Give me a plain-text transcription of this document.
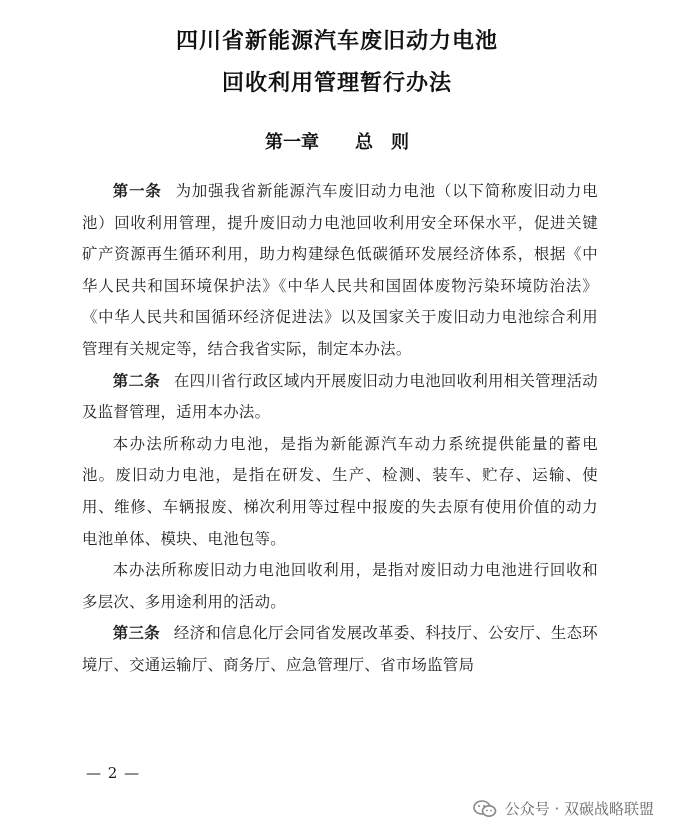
四川省新能源汽车废旧动力电池
回收利用管理暂行办法
第一章 总　则

第一条 为加强我省新能源汽车废旧动力电池（以下简称废旧动力电池）回收利用管理，提升废旧动力电池回收利用安全环保水平，促进关键矿产资源再生循环利用，助力构建绿色低碳循环发展经济体系，根据《中华人民共和国环境保护法》《中华人民共和国固体废物污染环境防治法》《中华人民共和国循环经济促进法》以及国家关于废旧动力电池综合利用管理有关规定等，结合我省实际，制定本办法。

第二条 在四川省行政区域内开展废旧动力电池回收利用相关管理活动及监督管理，适用本办法。

本办法所称动力电池，是指为新能源汽车动力系统提供能量的蓄电池。废旧动力电池，是指在研发、生产、检测、装车、贮存、运输、使用、维修、车辆报废、梯次利用等过程中报废的失去原有使用价值的动力电池单体、模块、电池包等。

本办法所称废旧动力电池回收利用，是指对废旧动力电池进行回收和多层次、多用途利用的活动。

第三条 经济和信息化厅会同省发展改革委、科技厅、公安厅、生态环境厅、交通运输厅、商务厅、应急管理厅、省市场监管局

— 2 —
公众号 · 双碳战略联盟
